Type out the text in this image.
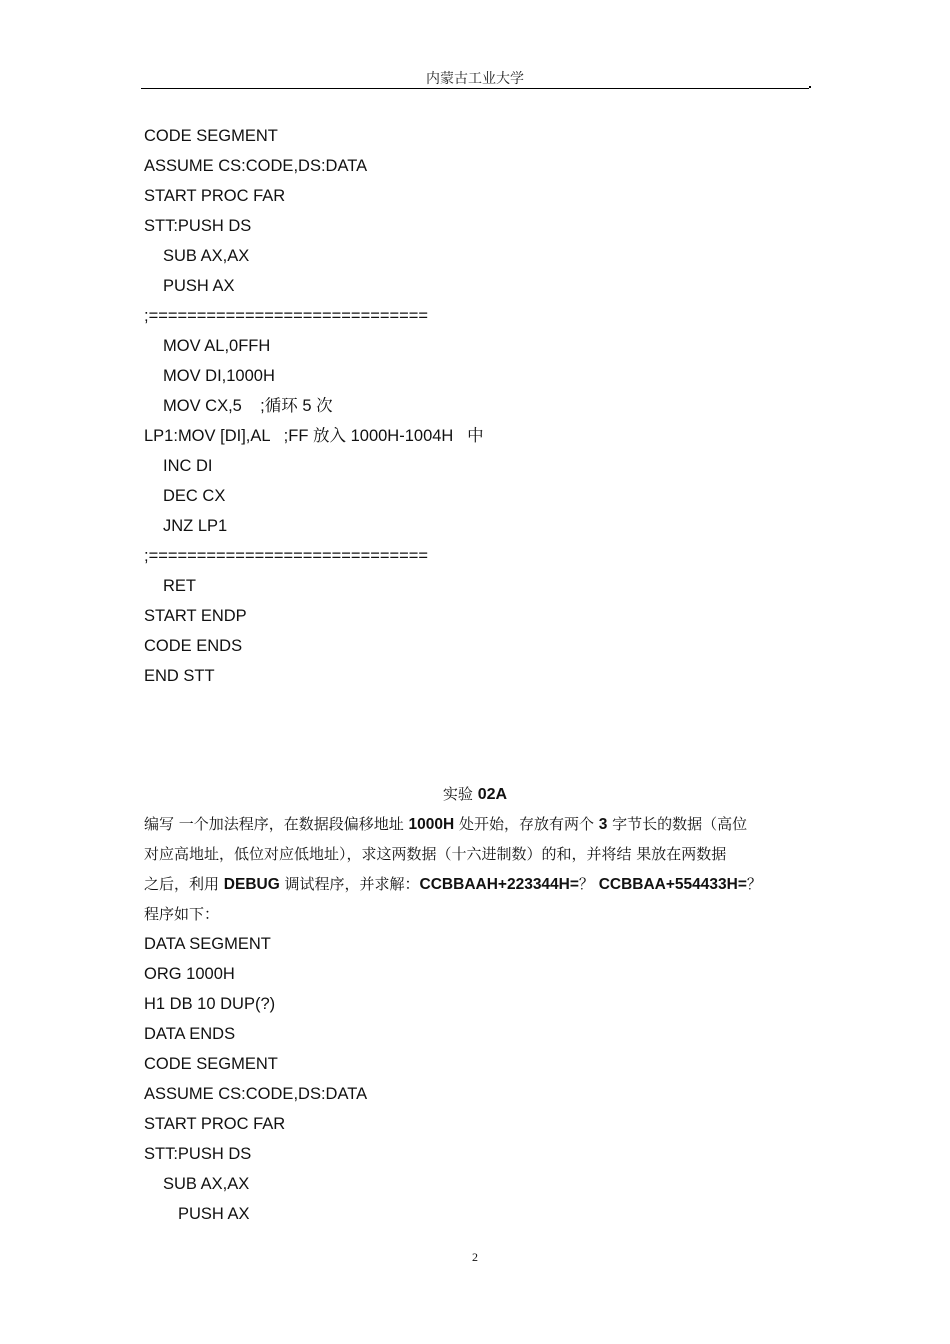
内蒙古工业大学
CODE SEGMENT
ASSUME CS:CODE,DS:DATA
START PROC FAR
STT:PUSH DS
SUB AX,AX
PUSH AX
;=============================
MOV AL,0FFH
MOV DI,1000H
MOV CX,5    ;循环 5 次
LP1:MOV [DI],AL   ;FF 放入 1000H-1004H   中
INC DI
DEC CX
JNZ LP1
;=============================
RET
START ENDP
CODE ENDS
END STT
实验 02A
编写 一个加法程序，在数据段偏移地址 1000H 处开始，存放有两个 3 字节长的数据（高位
对应高地址，低位对应低地址），求这两数据（十六进制数）的和，并将结 果放在两数据
之后，利用 DEBUG 调试程序，并求解：CCBBAAH+223344H=？ CCBBAA+554433H=？
程序如下：
DATA SEGMENT
ORG 1000H
H1 DB 10 DUP(?)
DATA ENDS
CODE SEGMENT
ASSUME CS:CODE,DS:DATA
START PROC FAR
STT:PUSH DS
SUB AX,AX
PUSH AX
2
